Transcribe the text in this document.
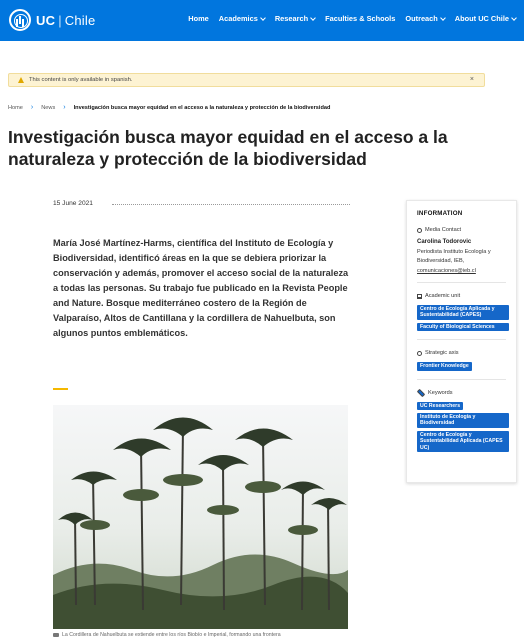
UC | Chile	Home Academics Research Faculties & Schools Outreach About UC Chile
This content is only available in spanish.	×
Home › News › Investigación busca mayor equidad en el acceso a la naturaleza y protección de la biodiversidad
Investigación busca mayor equidad en el acceso a la naturaleza y protección de la biodiversidad
15 June 2021

María José Martínez-Harms, científica del Instituto de Ecología y Biodiversidad, identificó áreas en la que se debiera priorizar la conservación y además, promover el acceso social de la naturaleza a todas las personas. Su trabajo fue publicado en la Revista People and Nature. Bosque mediterráneo costero de la Región de Valparaíso, Altos de Cantillana y la cordillera de Nahuelbuta, son algunos puntos emblemáticos.

La Cordillera de Nahuelbuta se extiende entre los ríos Biobío e Imperial, formando una frontera
INFORMATION
Media Contact
Carolina Todorovic
Periodista Instituto Ecología y Biodiversidad, IEB,
comunicaciones@ieb.cl
Academic unit
Centro de Ecología Aplicada y Sustentabilidad (CAPES)
Faculty of Biological Sciences
Strategic axis
Frontier Knowledge
Keywords
UC Researchers
Instituto de Ecología y Biodiversidad
Centro de Ecología y Sustentabilidad Aplicada (CAPES UC)
